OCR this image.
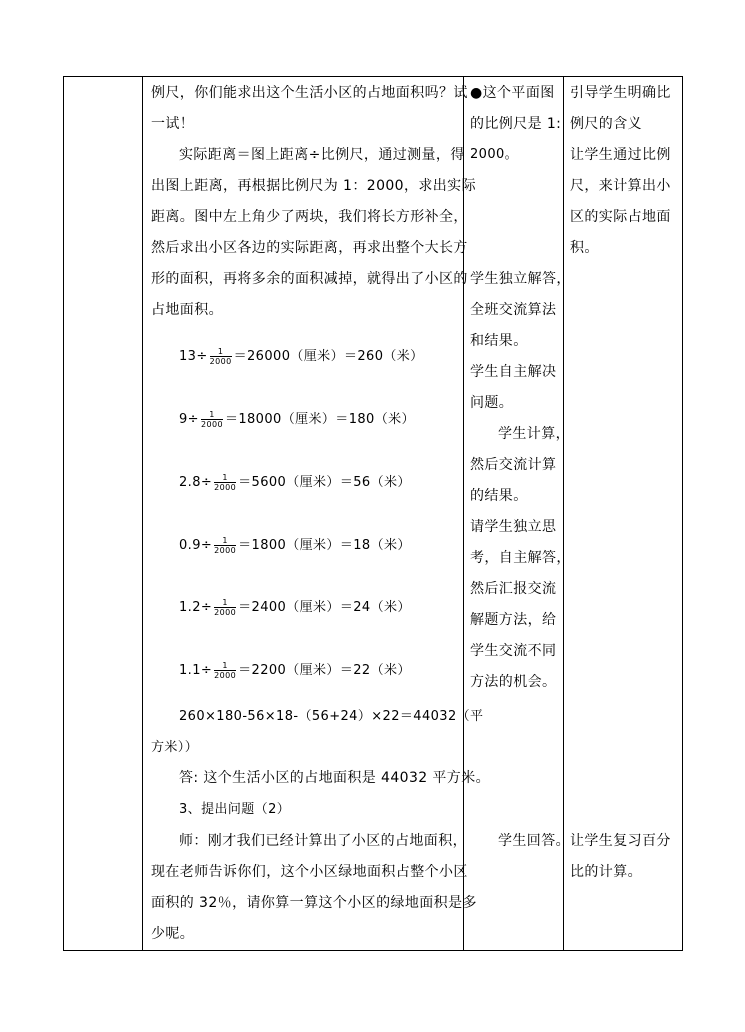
例尺，你们能求出这个生活小区的占地面积吗？试
一试！
实际距离＝图上距离÷比例尺，通过测量，得
出图上距离，再根据比例尺为 1：2000，求出实际
距离。图中左上角少了两块，我们将长方形补全，
然后求出小区各边的实际距离，再求出整个大长方
形的面积，再将多余的面积减掉，就得出了小区的
占地面积。
$13\div \frac{1}{2000} =26000$（厘米）＝260（米）
$9\div \frac{1}{2000} =18000$（厘米）＝180（米）
$2.8\div \frac{1}{2000} =5600$（厘米）＝56（米）
$0.9\div \frac{1}{2000} =1800$（厘米）＝18（米）
$1.2\div \frac{1}{2000} =2400$（厘米）＝24（米）
$1.1\div \frac{1}{2000} =2200$（厘米）＝22（米）
260×180-56×18-（56+24）×22＝44032（平
方米））
答: 这个生活小区的占地面积是 44032 平方米。
3、提出问题（2）
师：刚才我们已经计算出了小区的占地面积，
现在老师告诉你们，这个小区绿地面积占整个小区
面积的 32％，请你算一算这个小区的绿地面积是多
少呢。
●这个平面图
的比例尺是 1:
2000。
学生独立解答，
全班交流算法
和结果。
学生自主解决
问题。
学生计算，
然后交流计算
的结果。
请学生独立思
考，自主解答，
然后汇报交流
解题方法，给
学生交流不同
方法的机会。
学生回答。
引导学生明确比
例尺的含义
让学生通过比例
尺，来计算出小
区的实际占地面
积。
让学生复习百分
比的计算。
